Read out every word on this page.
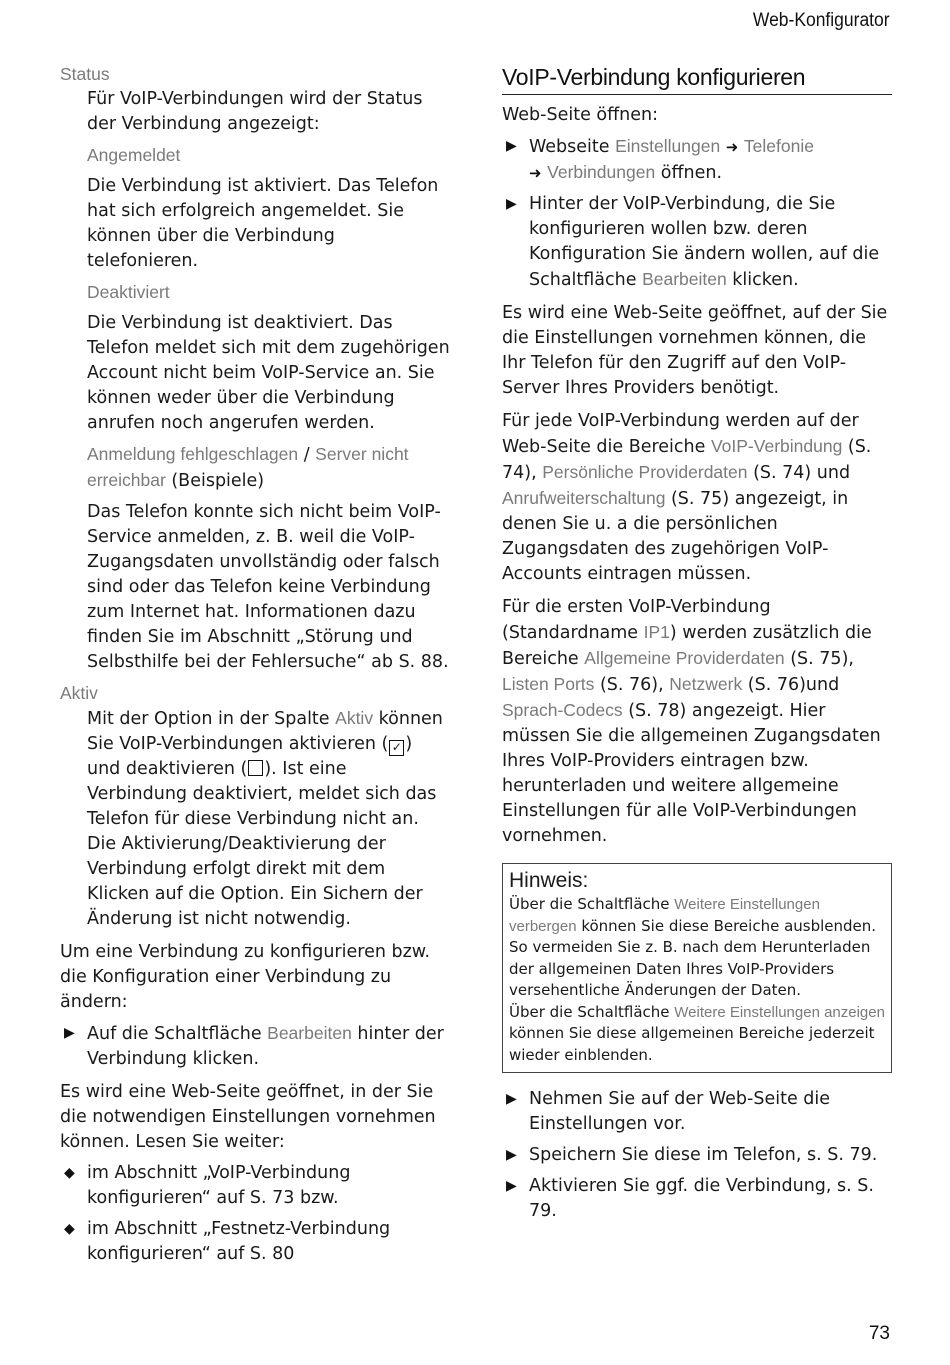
Web-Konfigurator

Status

Für VoIP-Verbindungen wird der Status der Verbindung angezeigt:

Angemeldet

Die Verbindung ist aktiviert. Das Telefon hat sich erfolgreich angemeldet. Sie können über die Verbindung telefonieren.

Deaktiviert

Die Verbindung ist deaktiviert. Das Telefon meldet sich mit dem zugehörigen Account nicht beim VoIP-Service an. Sie können weder über die Verbindung anrufen noch angerufen werden.

Anmeldung fehlgeschlagen / Server nicht erreichbar (Beispiele)

Das Telefon konnte sich nicht beim VoIP-Service anmelden, z. B. weil die VoIP-Zugangsdaten unvollständig oder falsch sind oder das Telefon keine Verbindung zum Internet hat. Informationen dazu finden Sie im Abschnitt „Störung und Selbsthilfe bei der Fehlersuche“ ab S. 88.

Aktiv

Mit der Option in der Spalte Aktiv können Sie VoIP-Verbindungen aktivieren ( ✓ ) und deaktivieren ( ). Ist eine Verbindung deaktiviert, meldet sich das Telefon für diese Verbindung nicht an. Die Aktivierung/Deaktivierung der Verbindung erfolgt direkt mit dem Klicken auf die Option. Ein Sichern der Änderung ist nicht notwendig.

Um eine Verbindung zu konfigurieren bzw. die Konfiguration einer Verbindung zu ändern:

▶ Auf die Schaltfläche Bearbeiten hinter der Verbindung klicken.

Es wird eine Web-Seite geöffnet, in der Sie die notwendigen Einstellungen vornehmen können. Lesen Sie weiter:

◆ im Abschnitt „VoIP-Verbindung konfigurieren“ auf S. 73 bzw.
◆ im Abschnitt „Festnetz-Verbindung konfigurieren“ auf S. 80
VoIP-Verbindung konfigurieren

Web-Seite öffnen:

▶ Webseite Einstellungen ➜ Telefonie
➜ Verbindungen öffnen.
▶ Hinter der VoIP-Verbindung, die Sie konfigurieren wollen bzw. deren Konfiguration Sie ändern wollen, auf die Schaltfläche Bearbeiten klicken.

Es wird eine Web-Seite geöffnet, auf der Sie die Einstellungen vornehmen können, die Ihr Telefon für den Zugriff auf den VoIP-Server Ihres Providers benötigt.

Für jede VoIP-Verbindung werden auf der Web-Seite die Bereiche VoIP-Verbindung (S. 74), Persönliche Providerdaten (S. 74) und Anrufweiterschaltung (S. 75) angezeigt, in denen Sie u. a die persönlichen Zugangsdaten des zugehörigen VoIP-Accounts eintragen müssen.

Für die ersten VoIP-Verbindung (Standardname IP1) werden zusätzlich die Bereiche Allgemeine Providerdaten (S. 75), Listen Ports (S. 76), Netzwerk (S. 76)und Sprach-Codecs (S. 78) angezeigt. Hier müssen Sie die allgemeinen Zugangsdaten Ihres VoIP-Providers eintragen bzw. herunterladen und weitere allgemeine Einstellungen für alle VoIP-Verbindungen vornehmen.

Hinweis:

Über die Schaltfläche Weitere Einstellungen verbergen können Sie diese Bereiche ausblenden. So vermeiden Sie z. B. nach dem Herunterladen der allgemeinen Daten Ihres VoIP-Providers versehentliche Änderungen der Daten.

Über die Schaltfläche Weitere Einstellungen anzeigen können Sie diese allgemeinen Bereiche jederzeit wieder einblenden.

▶ Nehmen Sie auf der Web-Seite die Einstellungen vor.
▶ Speichern Sie diese im Telefon, s. S. 79.
▶ Aktivieren Sie ggf. die Verbindung, s. S. 79.
73
